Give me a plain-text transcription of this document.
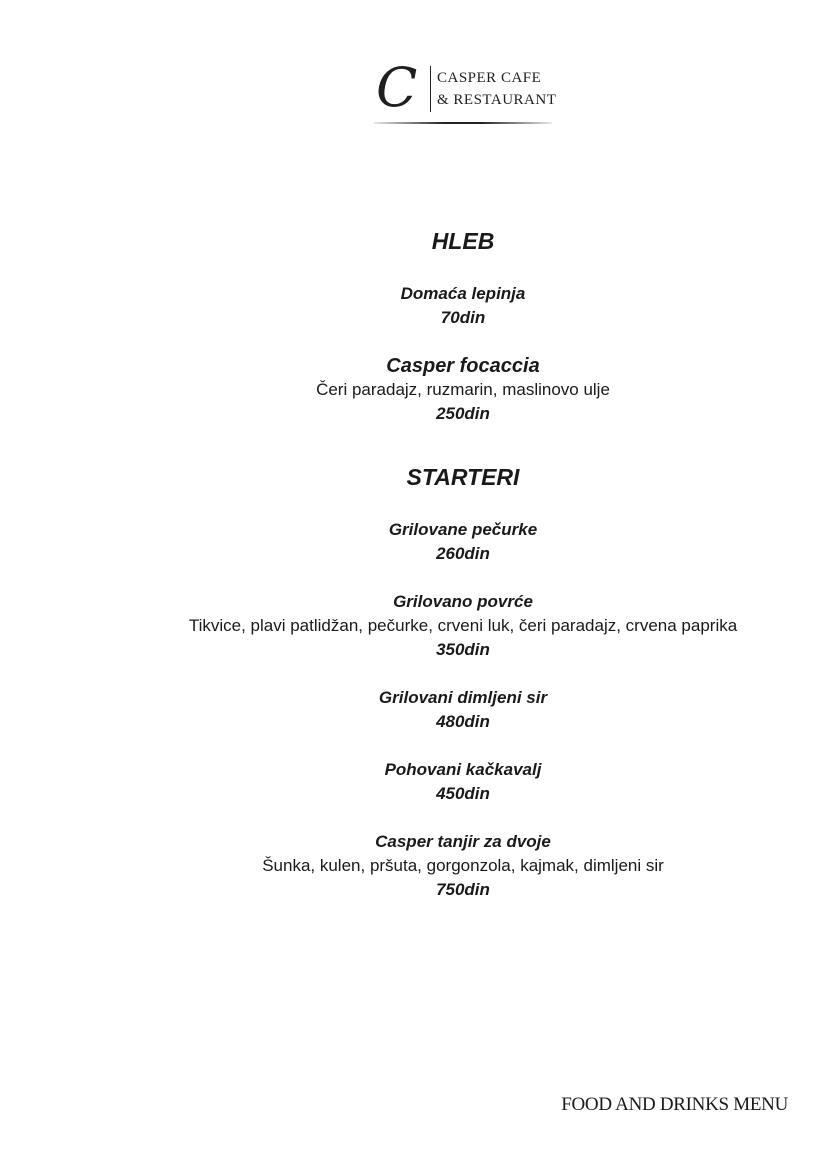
C CASPER CAFE
& RESTAURANT
HLEB
Domaća lepinja
70din
Casper focaccia
Čeri paradajz, ruzmarin, maslinovo ulje
250din
STARTERI
Grilovane pečurke
260din
Grilovano povrće
Tikvice, plavi patlidžan, pečurke, crveni luk, čeri paradajz, crvena paprika
350din
Grilovani dimljeni sir
480din
Pohovani kačkavalj
450din
Casper tanjir za dvoje
Šunka, kulen, pršuta, gorgonzola, kajmak, dimljeni sir
750din
FOOD AND DRINKS MENU
